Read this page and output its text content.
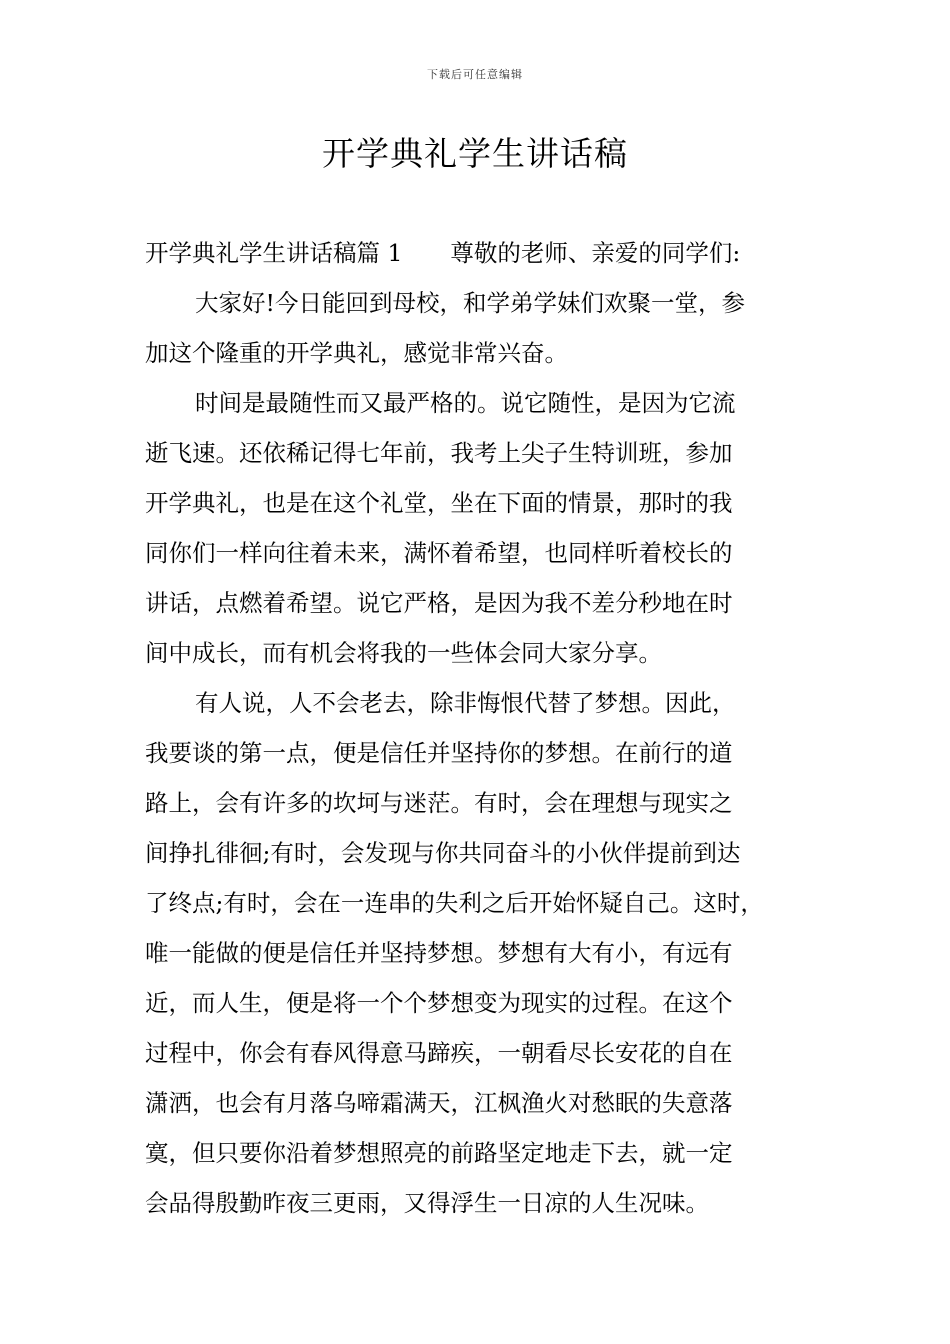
下载后可任意编辑
开学典礼学生讲话稿
开学典礼学生讲话稿篇 1 尊敬的老师、亲爱的同学们:
大家好!今日能回到母校，和学弟学妹们欢聚一堂，参
加这个隆重的开学典礼，感觉非常兴奋。
时间是最随性而又最严格的。说它随性，是因为它流
逝飞速。还依稀记得七年前，我考上尖子生特训班，参加
开学典礼，也是在这个礼堂，坐在下面的情景，那时的我
同你们一样向往着未来，满怀着希望，也同样听着校长的
讲话，点燃着希望。说它严格，是因为我不差分秒地在时
间中成长，而有机会将我的一些体会同大家分享。
有人说，人不会老去，除非悔恨代替了梦想。因此，
我要谈的第一点，便是信任并坚持你的梦想。在前行的道
路上，会有许多的坎坷与迷茫。有时，会在理想与现实之
间挣扎徘徊;有时，会发现与你共同奋斗的小伙伴提前到达
了终点;有时，会在一连串的失利之后开始怀疑自己。这时，
唯一能做的便是信任并坚持梦想。梦想有大有小，有远有
近，而人生，便是将一个个梦想变为现实的过程。在这个
过程中，你会有春风得意马蹄疾，一朝看尽长安花的自在
潇洒，也会有月落乌啼霜满天，江枫渔火对愁眠的失意落
寞，但只要你沿着梦想照亮的前路坚定地走下去，就一定
会品得殷勤昨夜三更雨，又得浮生一日凉的人生况味。
